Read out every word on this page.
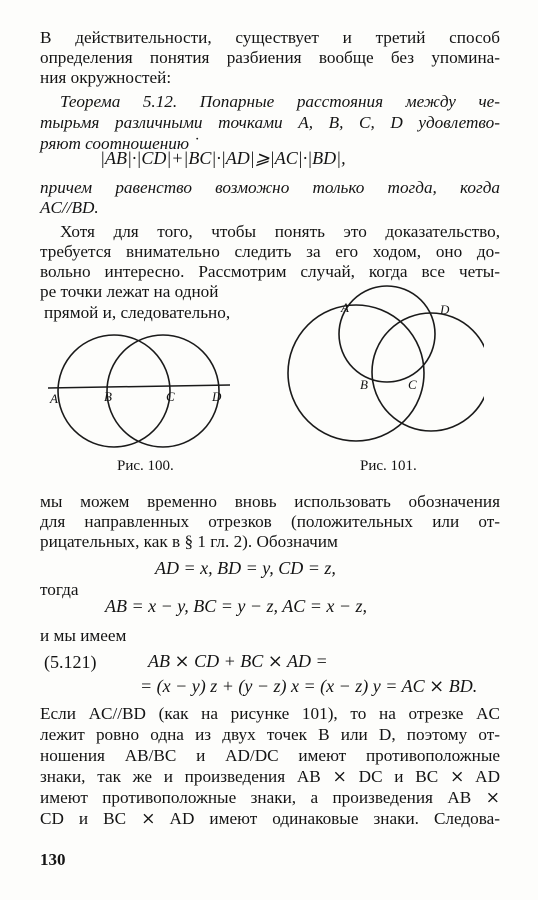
В действительности, существует и третий способ
определения понятия разбиения вообще без упомина-
ния окружностей:
Теорема 5.12. Попарные расстояния между че-
тырьмя различными точками A, B, C, D удовлетво-
ряют соотношению ˙
|AB|·|CD|+|BC|·|AD|⩾|AC|·|BD|,
причем равенство возможно только тогда, когда
AC//BD.
Хотя для того, чтобы понять это доказательство,
требуется внимательно следить за его ходом, оно до-
вольно интересно. Рассмотрим случай, когда все четы-
ре точки лежат на одной
прямой и, следовательно,
A	B	C	D
Рис. 100.
A	D
B	C
Рис. 101.
мы можем временно вновь использовать обозначения
для направленных отрезков (положительных или от-
рицательных, как в § 1 гл. 2). Обозначим
AD = x, BD = y, CD = z,
тогда
AB = x − y, BC = y − z, AC = x − z,
и мы имеем
(5.121)	AB ⨯ CD + BC ⨯ AD =
= (x − y) z + (y − z) x = (x − z) y = AC ⨯ BD.
Если AC//BD (как на рисунке 101), то на отрезке AC
лежит ровно одна из двух точек B или D, поэтому от-
ношения AB/BC и AD/DC имеют противоположные
знаки, так же и произведения AB ⨯ DC и BC ⨯ AD
имеют противоположные знаки, а произведения AB ⨯
CD и BC ⨯ AD имеют одинаковые знаки. Следова-
130
